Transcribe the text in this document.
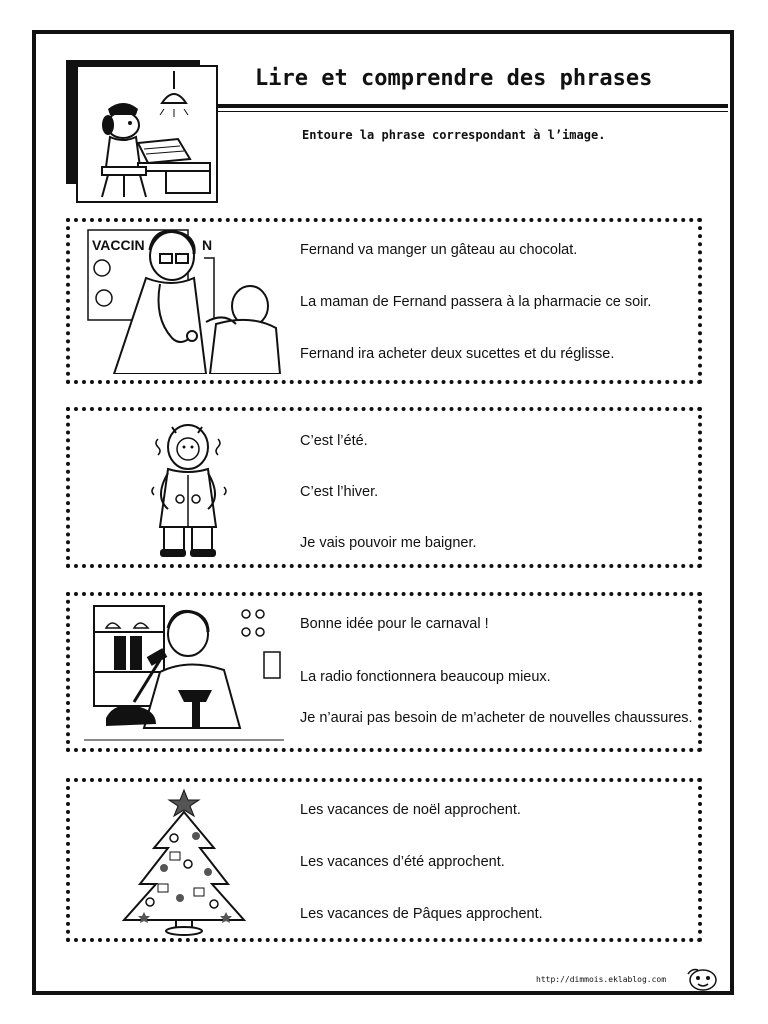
Lire et comprendre des phrases
Entoure la phrase correspondant à l’image.
VACCIN	N	Fernand va manger un gâteau au chocolat.
La maman de Fernand passera à la pharmacie ce soir.
Fernand ira acheter deux sucettes et du réglisse.
C’est l’été.
C’est l’hiver.
Je vais pouvoir me baigner.
Bonne idée pour le carnaval !
La radio fonctionnera beaucoup mieux.
Je n’aurai pas besoin de m’acheter de nouvelles chaussures.
Les vacances de noël approchent.
Les vacances d’été approchent.
Les vacances de Pâques approchent.
http://dimmois.eklablog.com
